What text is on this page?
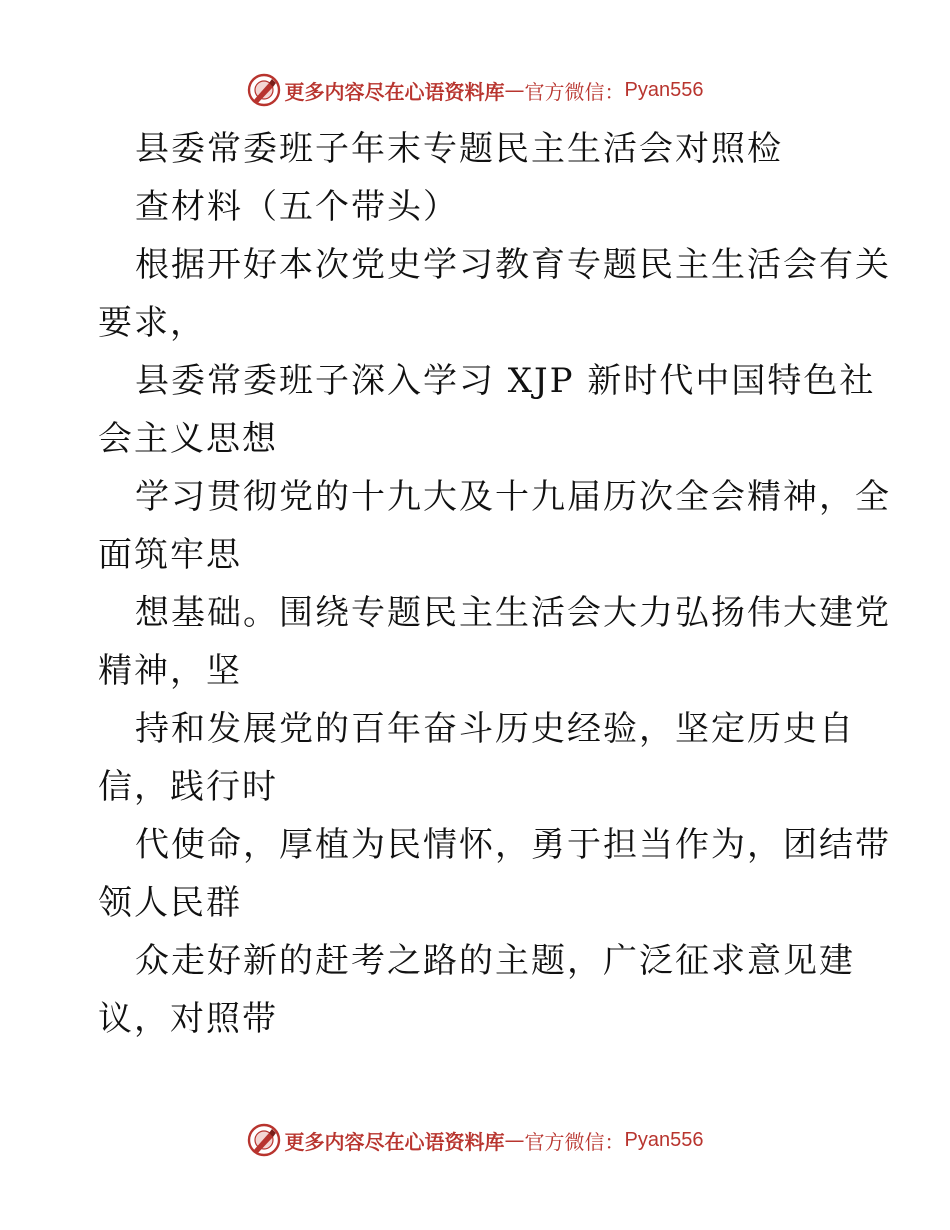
更多内容尽在心语资料库 — 官方微信： Pyan556
县委常委班子年末专题民主生活会对照检
查材料（五个带头）
根据开好本次党史学习教育专题民主生活会有关
要求，
县委常委班子深入学习 XJP 新时代中国特色社
会主义思想
学习贯彻党的十九大及十九届历次全会精神，全
面筑牢思
想基础。围绕专题民主生活会大力弘扬伟大建党
精神，坚
持和发展党的百年奋斗历史经验，坚定历史自
信，践行时
代使命，厚植为民情怀，勇于担当作为，团结带
领人民群
众走好新的赶考之路的主题，广泛征求意见建
议，对照带
更多内容尽在心语资料库 — 官方微信： Pyan556
